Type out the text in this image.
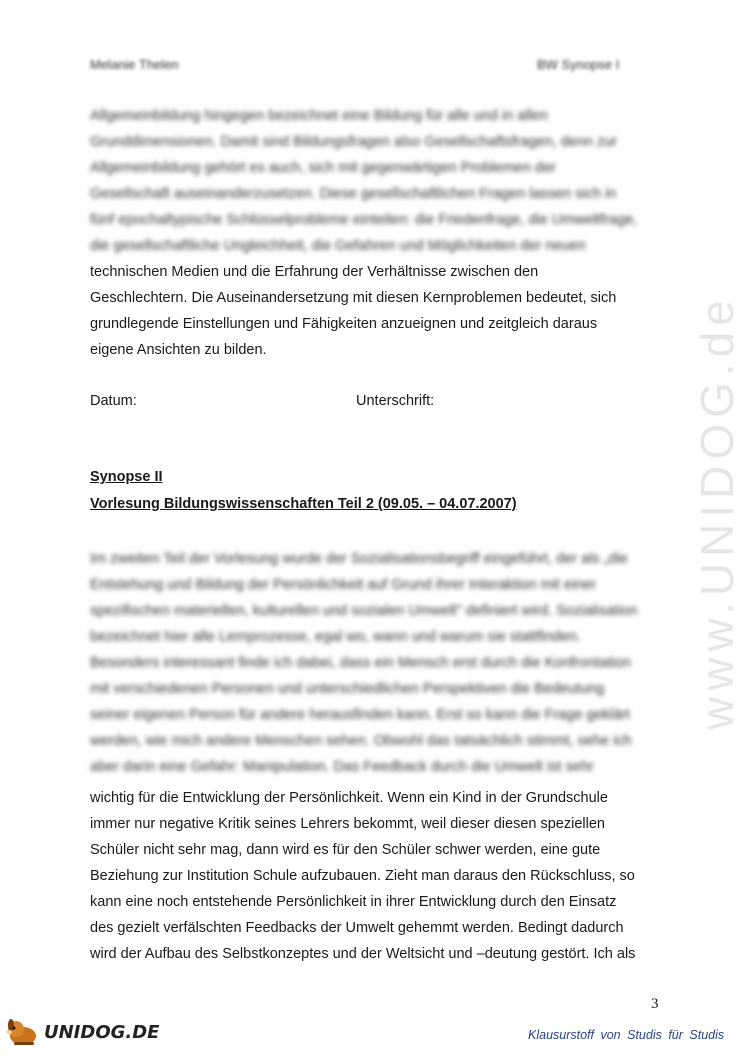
Melanie Thelen	BW Synopse I
Allgemeinbildung hingegen bezeichnet eine Bildung für alle und in allen
Grunddimensionen. Damit sind Bildungsfragen also Gesellschaftsfragen, denn zur
Allgemeinbildung gehört es auch, sich mit gegenwärtigen Problemen der
Gesellschaft auseinanderzusetzen. Diese gesellschaftlichen Fragen lassen sich in
fünf epochaltypische Schlüsselprobleme einteilen: die Friedenfrage, die Umweltfrage,
die gesellschaftliche Ungleichheit, die Gefahren und Möglichkeiten der neuen
technischen Medien und die Erfahrung der Verhältnisse zwischen den
Geschlechtern. Die Auseinandersetzung mit diesen Kernproblemen bedeutet, sich
grundlegende Einstellungen und Fähigkeiten anzueignen und zeitgleich daraus
eigene Ansichten zu bilden.
Datum:	Unterschrift:
Synopse II
Vorlesung Bildungswissenschaften Teil 2 (09.05. – 04.07.2007)
Im zweiten Teil der Vorlesung wurde der Sozialisationsbegriff eingeführt, der als „die
Entstehung und Bildung der Persönlichkeit auf Grund ihrer Interaktion mit einer
spezifischen materiellen, kulturellen und sozialen Umwelt" definiert wird. Sozialisation
bezeichnet hier alle Lernprozesse, egal wo, wann und warum sie stattfinden.
Besonders interessant finde ich dabei, dass ein Mensch erst durch die Konfrontation
mit verschiedenen Personen und unterschiedlichen Perspektiven die Bedeutung
seiner eigenen Person für andere herausfinden kann. Erst so kann die Frage geklärt
werden, wie mich andere Menschen sehen. Obwohl das tatsächlich stimmt, sehe ich
aber darin eine Gefahr: Manipulation. Das Feedback durch die Umwelt ist sehr
wichtig für die Entwicklung der Persönlichkeit. Wenn ein Kind in der Grundschule
immer nur negative Kritik seines Lehrers bekommt, weil dieser diesen speziellen
Schüler nicht sehr mag, dann wird es für den Schüler schwer werden, eine gute
Beziehung zur Institution Schule aufzubauen. Zieht man daraus den Rückschluss, so
kann eine noch entstehende Persönlichkeit in ihrer Entwicklung durch den Einsatz
des gezielt verfälschten Feedbacks der Umwelt gehemmt werden. Bedingt dadurch
wird der Aufbau des Selbstkonzeptes und der Weltsicht und –deutung gestört. Ich als
www.UNIDOG.de
3
UNIDOG.DE	Klausurstoff von Studis für Studis
